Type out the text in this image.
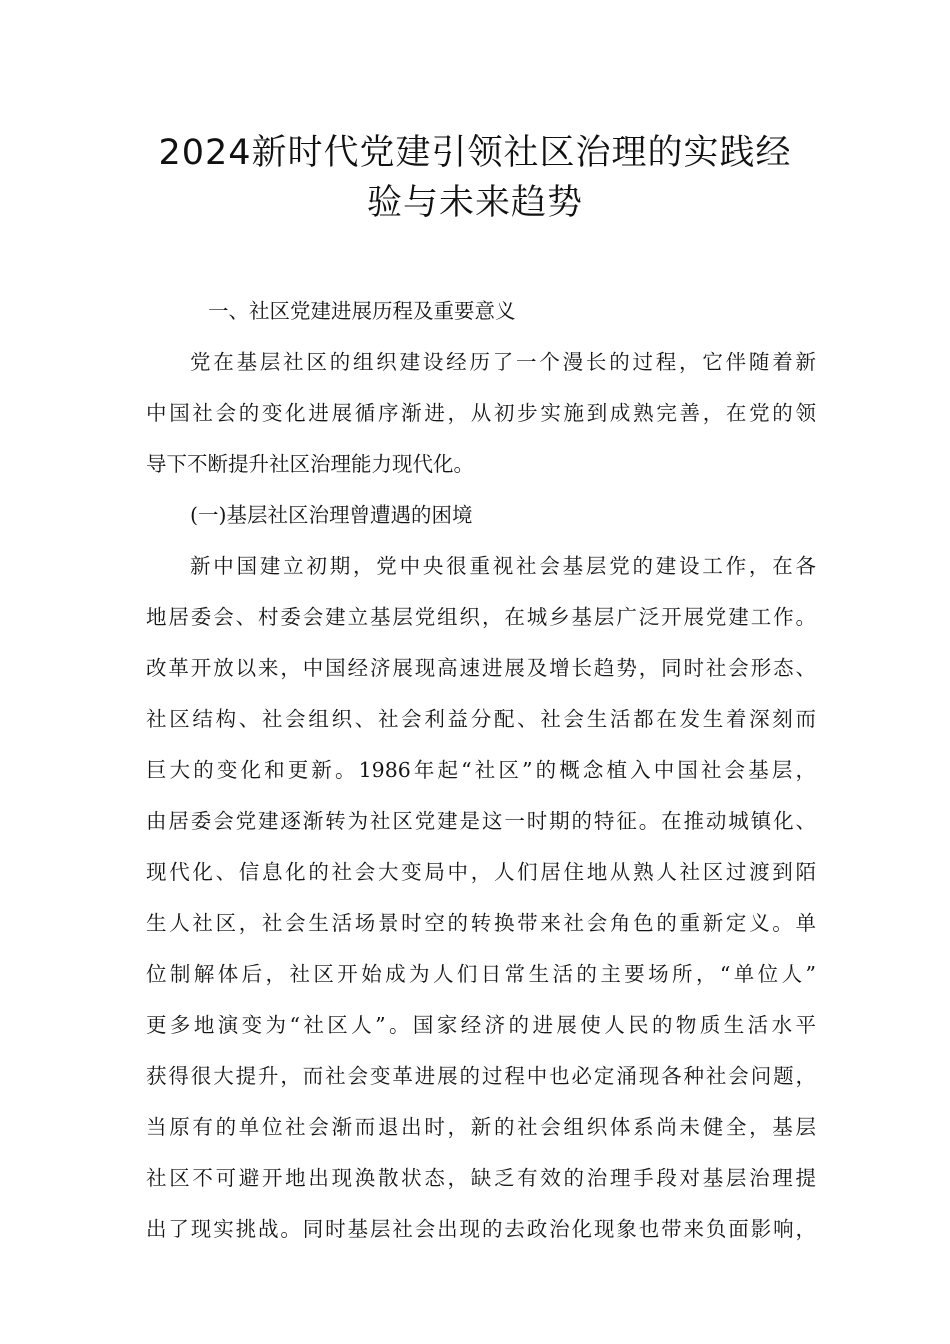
2024新时代党建引领社区治理的实践经
验与未来趋势
一、社区党建进展历程及重要意义
党在基层社区的组织建设经历了一个漫长的过程，它伴随着新
中国社会的变化进展循序渐进，从初步实施到成熟完善，在党的领
导下不断提升社区治理能力现代化。
(一)基层社区治理曾遭遇的困境
新中国建立初期，党中央很重视社会基层党的建设工作，在各
地居委会、村委会建立基层党组织，在城乡基层广泛开展党建工作。
改革开放以来，中国经济展现高速进展及增长趋势，同时社会形态、
社区结构、社会组织、社会利益分配、社会生活都在发生着深刻而
巨大的变化和更新。1986年起“社区”的概念植入中国社会基层，
由居委会党建逐渐转为社区党建是这一时期的特征。在推动城镇化、
现代化、信息化的社会大变局中，人们居住地从熟人社区过渡到陌
生人社区，社会生活场景时空的转换带来社会角色的重新定义。单
位制解体后，社区开始成为人们日常生活的主要场所，“单位人”
更多地演变为“社区人”。国家经济的进展使人民的物质生活水平
获得很大提升，而社会变革进展的过程中也必定涌现各种社会问题，
当原有的单位社会渐而退出时，新的社会组织体系尚未健全，基层
社区不可避开地出现涣散状态，缺乏有效的治理手段对基层治理提
出了现实挑战。同时基层社会出现的去政治化现象也带来负面影响，
